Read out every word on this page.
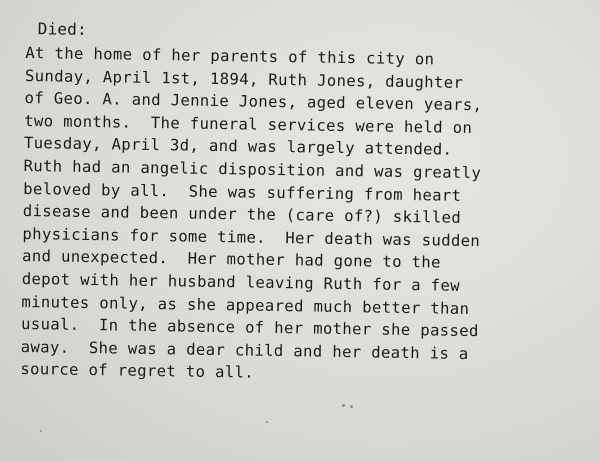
Died:
At the home of her parents of this city on
Sunday, April 1st, 1894, Ruth Jones, daughter
of Geo. A. and Jennie Jones, aged eleven years,
two months.  The funeral services were held on
Tuesday, April 3d, and was largely attended.
Ruth had an angelic disposition and was greatly
beloved by all.  She was suffering from heart
disease and been under the (care of?) skilled
physicians for some time.  Her death was sudden
and unexpected.  Her mother had gone to the
depot with her husband leaving Ruth for a few
minutes only, as she appeared much better than
usual.  In the absence of her mother she passed
away.  She was a dear child and her death is a
source of regret to all.
